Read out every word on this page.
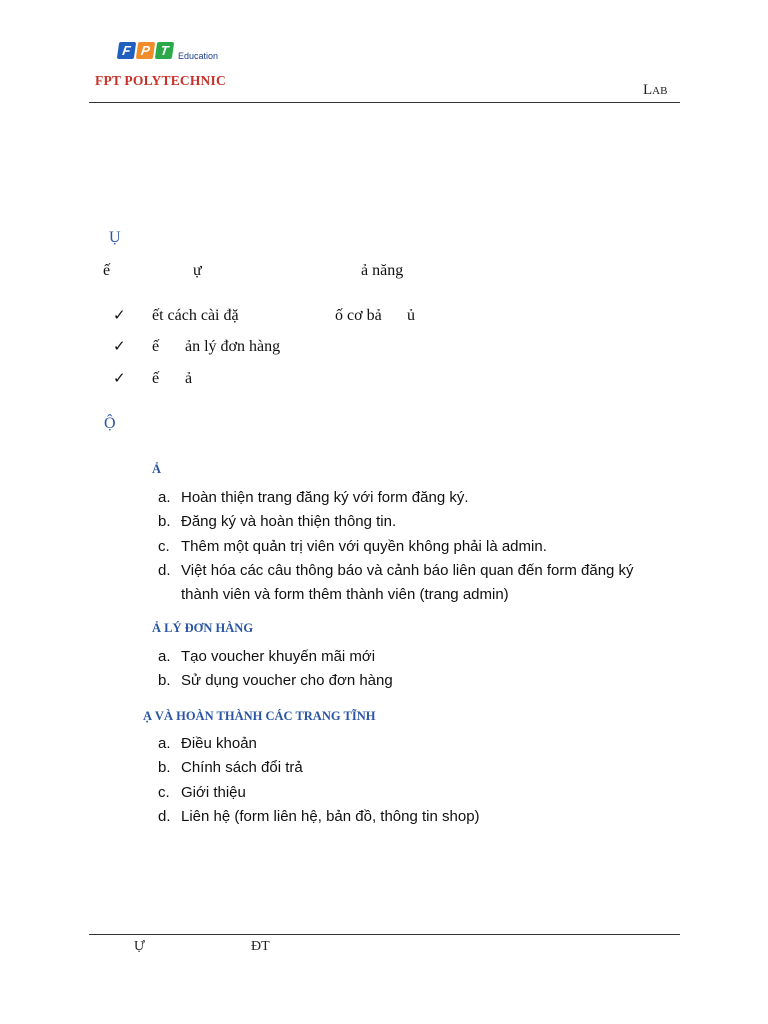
F P T Education
FPT POLYTECHNIC
Lab
Ụ
ế	ự	ả năng
✓ ết cách cài đặ	ố cơ bả ủ
✓ ế ản lý đơn hàng
✓ ế ả
Ộ
Ả
a. Hoàn thiện trang đăng ký với form đăng ký.
b. Đăng ký và hoàn thiện thông tin.
c. Thêm một quản trị viên với quyền không phải là admin.
d. Việt hóa các câu thông báo và cảnh báo liên quan đến form đăng ký
thành viên và form thêm thành viên (trang admin)
Ả LÝ ĐƠN HÀNG
a. Tạo voucher khuyến mãi mới
b. Sử dụng voucher cho đơn hàng
Ạ VÀ HOÀN THÀNH CÁC TRANG TĨNH
a. Điều khoản
b. Chính sách đổi trả
c. Giới thiệu
d. Liên hệ (form liên hệ, bản đồ, thông tin shop)
Ự	ĐT
